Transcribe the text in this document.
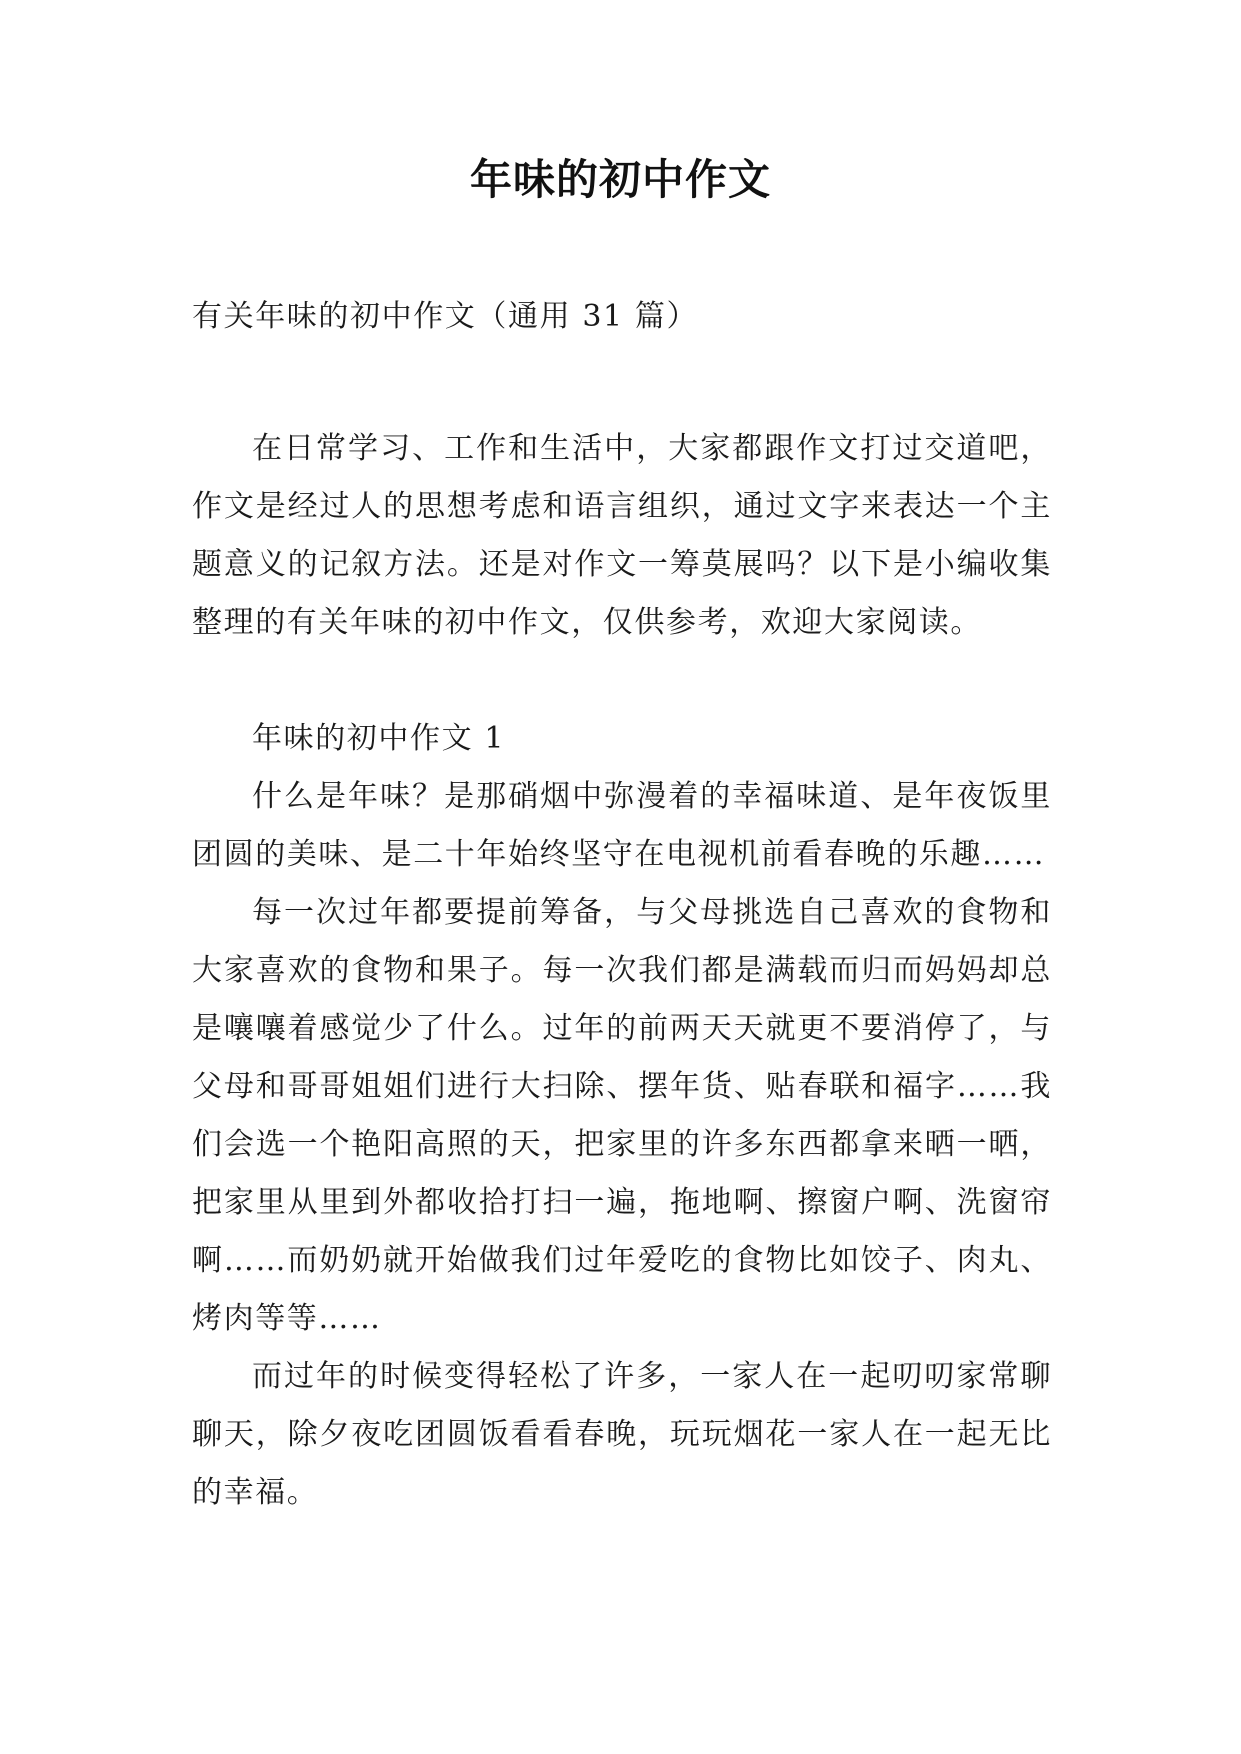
年味的初中作文

有关年味的初中作文（通用 31 篇）

在日常学习、工作和生活中，大家都跟作文打过交道吧，作文是经过人的思想考虑和语言组织，通过文字来表达一个主题意义的记叙方法。还是对作文一筹莫展吗？以下是小编收集整理的有关年味的初中作文，仅供参考，欢迎大家阅读。

年味的初中作文 1

什么是年味？是那硝烟中弥漫着的幸福味道、是年夜饭里团圆的美味、是二十年始终坚守在电视机前看春晚的乐趣……

每一次过年都要提前筹备，与父母挑选自己喜欢的食物和大家喜欢的食物和果子。每一次我们都是满载而归而妈妈却总是嚷嚷着感觉少了什么。过年的前两天天就更不要消停了，与父母和哥哥姐姐们进行大扫除、摆年货、贴春联和福字……我们会选一个艳阳高照的天，把家里的许多东西都拿来晒一晒，把家里从里到外都收拾打扫一遍，拖地啊、擦窗户啊、洗窗帘啊……而奶奶就开始做我们过年爱吃的食物比如饺子、肉丸、烤肉等等……

而过年的时候变得轻松了许多，一家人在一起叨叨家常聊聊天，除夕夜吃团圆饭看看春晚，玩玩烟花一家人在一起无比的幸福。
